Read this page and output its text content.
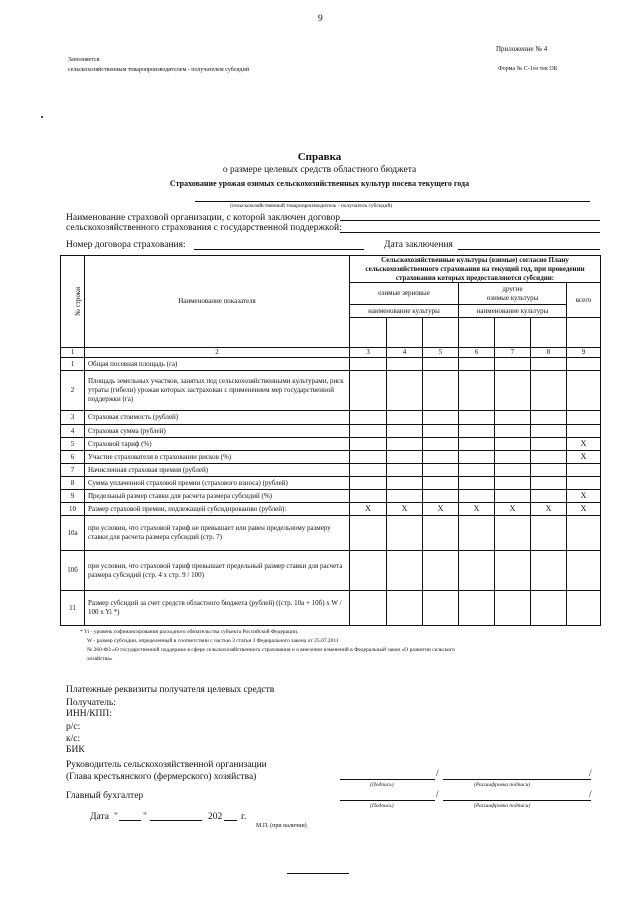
9
Приложение № 4
Заполняется
сельскохозяйственным товаропроизводителем - получателем субсидий	Форма № С-1оз тек ОБ
Справка
о размере целевых средств областного бюджета
Страхование урожая озимых сельскохозяйственных культур посева текущего года
(сельскохозяйственный товаропроизводитель - получатель субсидий)
Наименование страховой организации, с которой заключен договор
сельскохозяйственного страхования с государственной поддержкой:
Номер договора страхования:	Дата заключения
№ строки	Наименование показателя	Сельскохозяйственные культуры (озимые) согласно Плану сельскохозяйственного страхования на текущий год, при проведении страхования которых предоставляются субсидии:						
		озимые зерновые			другие
озимые культуры			всего
		наименование культуры			наименование культуры			

1	2	3	4	5	6	7	8	9
1	Общая посевная площадь (га)							
2	Площадь земельных участков, занятых под сельскохозяйственными культурами, риск утраты (гибели) урожая которых застрахован с применением мер государственной поддержки (га)							
3	Страховая стоимость (рублей)							
4	Страховая сумма (рублей)							
5	Страховой тариф (%)							X
6	Участие страхователя в страховании рисков (%)							X
7	Начисленная страховая премия (рублей)							
8	Сумма уплаченной страховой премии (страхового взноса) (рублей)							
9	Предельный размер ставки для расчета размера субсидий (%)							X
10	Размер страховой премии, подлежащей субсидированию (рублей):	X	X	X	X	X	X	X
10а	при условии, что страховой тариф не превышает или равен предельному размеру ставки для расчета размера субсидий (стр. 7)							
10б	при условии, что страховой тариф превышает предельный размер ставки для расчета размера субсидий (стр. 4 x стр. 9 / 100)							
11	Размер субсидий за счет средств областного бюджета (рублей) ((стр. 10а + 10б) x W / 100 x Yi *)							
* Yi - уровень софинансирования расходного обязательства субъекта Российской Федерации,
W - размер субсидии, определенный в соответствии с частью 3 статьи 3 Федерального закона от 25.07.2011
№ 260-ФЗ «О государственной поддержке в сфере сельскохозяйственного страхования и о внесении изменений в Федеральный закон «О развитии сельского
хозяйства»
Платежные реквизиты получателя целевых средств
Получатель:
ИНН/КПП:
р/с:
к/с:
БИК
Руководитель сельскохозяйственной организации
(Глава крестьянского (фермерского) хозяйства)	/	/
(Подпись)	(Расшифровка подписи)
Главный бухгалтер	/	/
(Подпись)	(Расшифровка подписи)
Дата "	"	202 г.
М.П. (при наличии)
